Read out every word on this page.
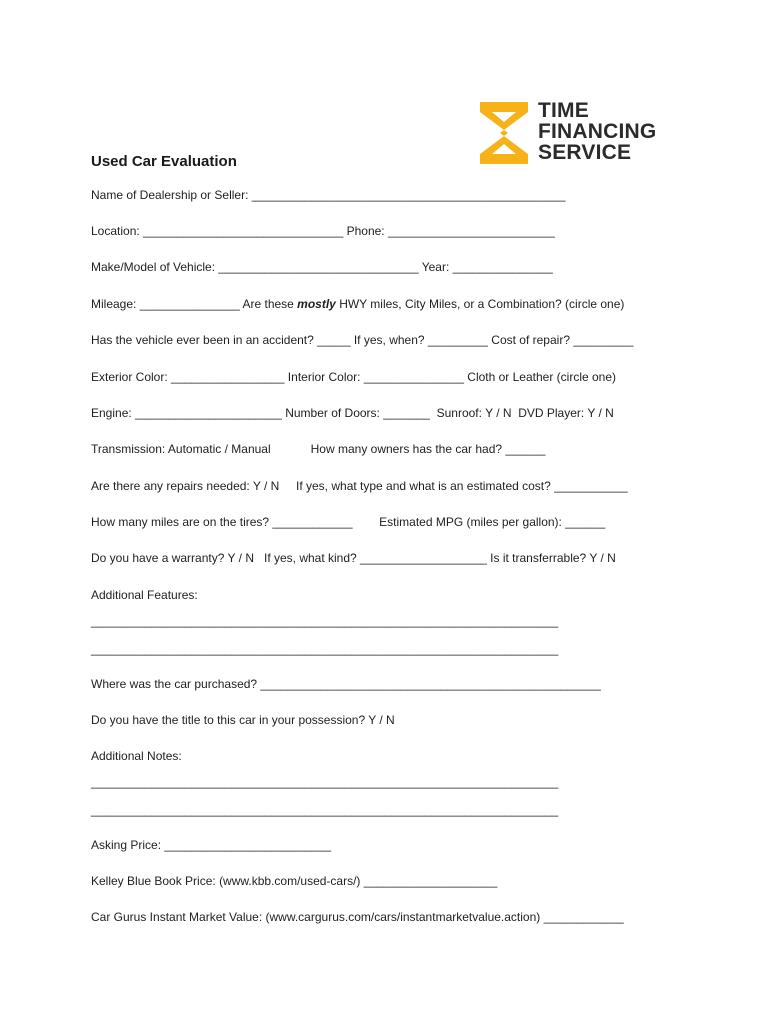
TIME
FINANCING
SERVICE
Used Car Evaluation
Name of Dealership or Seller: _______________________________________________
Location: ______________________________ Phone: _________________________
Make/Model of Vehicle: ______________________________ Year: _______________
Mileage: _______________ Are these mostly HWY miles, City Miles, or a Combination? (circle one)
Has the vehicle ever been in an accident? _____ If yes, when? _________ Cost of repair? _________
Exterior Color: _________________ Interior Color: _______________ Cloth or Leather (circle one)
Engine: ______________________ Number of Doors: _______  Sunroof: Y / N  DVD Player: Y / N
Transmission: Automatic / Manual            How many owners has the car had? ______
Are there any repairs needed: Y / N     If yes, what type and what is an estimated cost? ___________
How many miles are on the tires? ____________        Estimated MPG (miles per gallon): ______
Do you have a warranty? Y / N   If yes, what kind? ___________________ Is it transferrable? Y / N
Additional Features:
______________________________________________________________________
______________________________________________________________________
Where was the car purchased? ___________________________________________________
Do you have the title to this car in your possession? Y / N
Additional Notes:
______________________________________________________________________
______________________________________________________________________
Asking Price: _________________________
Kelley Blue Book Price: (www.kbb.com/used-cars/) ____________________
Car Gurus Instant Market Value: (www.cargurus.com/cars/instantmarketvalue.action) ____________
